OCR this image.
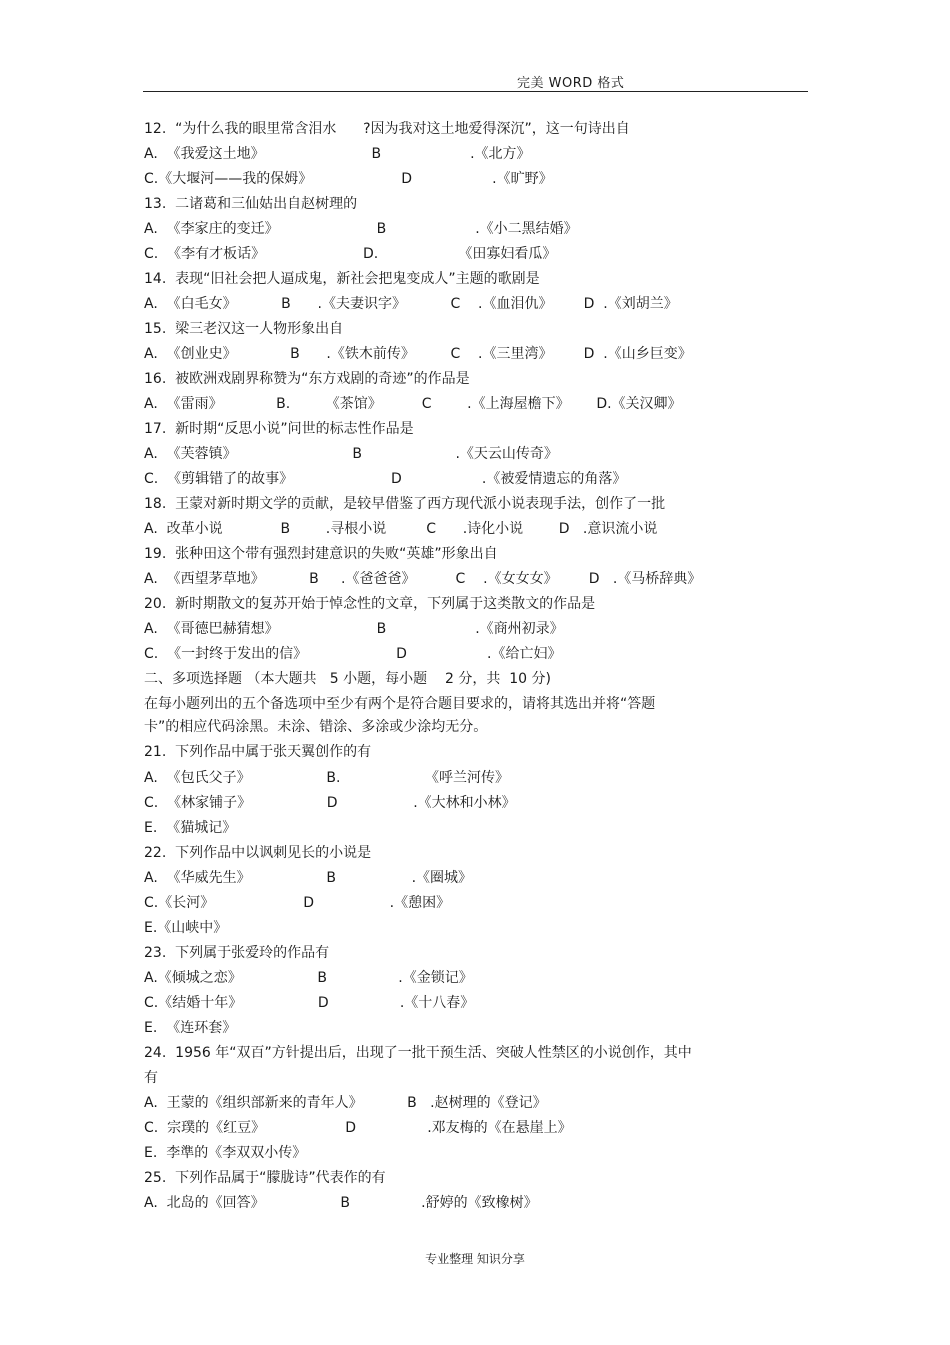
完美 WORD 格式
12.  “为什么我的眼里常含泪水      ?因为我对这土地爱得深沉”，这一句诗出自
A.  《我爱这土地》                        B                    .《北方》
C.《大堰河——我的保姆》                    D                  .《旷野》
13.  二诸葛和三仙姑出自赵树理的
A.  《李家庄的变迁》                      B                    .《小二黑结婚》
C.  《李有才板话》                      D.                  《田寡妇看瓜》
14.  表现“旧社会把人逼成鬼，新社会把鬼变成人”主题的歌剧是
A.  《白毛女》          B      .《夫妻识字》          C    .《血泪仇》       D  .《刘胡兰》
15.  梁三老汉这一人物形象出自
A.  《创业史》            B      .《铁木前传》        C    .《三里湾》       D  .《山乡巨变》
16.  被欧洲戏剧界称赞为“东方戏剧的奇迹”的作品是
A.  《雷雨》            B.        《茶馆》         C        .《上海屋檐下》      D.《关汉卿》
17.  新时期“反思小说”问世的标志性作品是
A.  《芙蓉镇》                          B                     .《天云山传奇》
C.  《剪辑错了的故事》                      D                  .《被爱情遗忘的角落》
18.  王蒙对新时期文学的贡献，是较早借鉴了西方现代派小说表现手法，创作了一批
A.  改革小说             B        .寻根小说         C      .诗化小说        D   .意识流小说
19.  张种田这个带有强烈封建意识的失败“英雄”形象出自
A.  《西望茅草地》          B     .《爸爸爸》         C    .《女女女》       D   .《马桥辞典》
20.  新时期散文的复苏开始于悼念性的文章，下列属于这类散文的作品是
A.  《哥德巴赫猜想》                      B                    .《商州初录》
C.  《一封终于发出的信》                    D                  .《给亡妇》
二、多项选择题 （本大题共   5 小题，每小题    2 分，共  10 分)
在每小题列出的五个备选项中至少有两个是符合题目要求的，请将其选出并将“答题
卡”的相应代码涂黑。未涂、错涂、多涂或少涂均无分。
21.  下列作品中属于张天翼创作的有
A.  《包氏父子》                 B.                   《呼兰河传》
C.  《林家铺子》                 D                 .《大林和小林》
E.  《猫城记》
22.  下列作品中以讽刺见长的小说是
A.  《华威先生》                 B                 .《圈城》
C.《长河》                    D                 .《憩困》
E.《山峡中》
23.  下列属于张爱玲的作品有
A.《倾城之恋》                 B                .《金锁记》
C.《结婚十年》                 D                .《十八春》
E.  《连环套》
24.  1956 年“双百”方针提出后，出现了一批干预生活、突破人性禁区的小说创作，其中
有
A.  王蒙的《组织部新来的青年人》          B   .赵树理的《登记》
C.  宗璞的《红豆》                  D                .邓友梅的《在悬崖上》
E.  李準的《李双双小传》
25.  下列作品属于“朦胧诗”代表作的有
A.  北岛的《回答》                 B                .舒婷的《致橡树》
专业整理 知识分享
